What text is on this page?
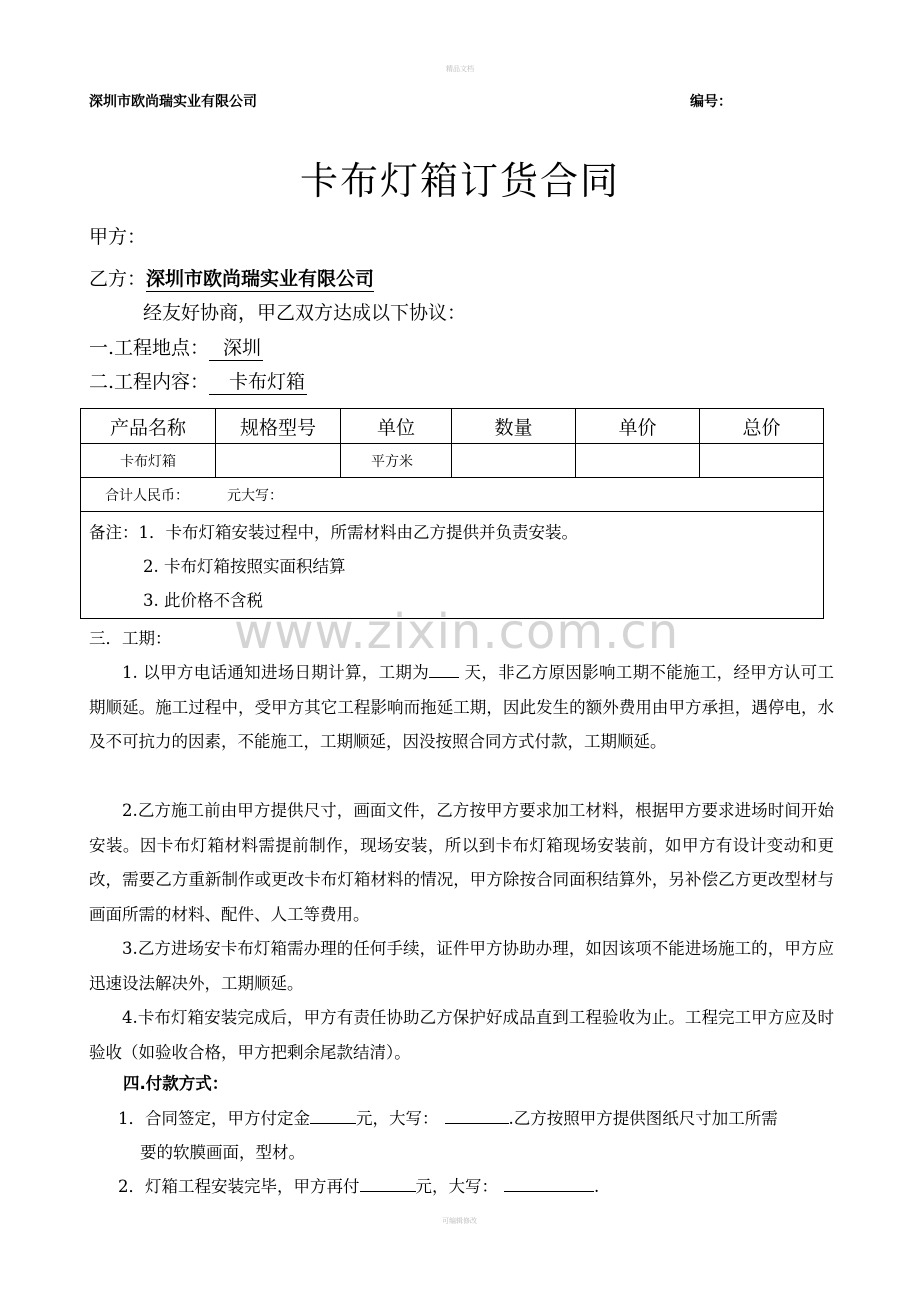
精品文档
深圳市欧尚瑞实业有限公司	编号：
卡布灯箱订货合同
甲方：
乙方：深圳市欧尚瑞实业有限公司
经友好协商，甲乙双方达成以下协议：
一.工程地点： 深圳
二.工程内容： 卡布灯箱
产品名称	规格型号	单位	数量	单价	总价
卡布灯箱		平方米			
合计人民币： 元大写：					

备注：1．卡布灯箱安装过程中，所需材料由乙方提供并负责安装。
2. 卡布灯箱按照实面积结算
3. 此价格不含税					
www.zixin.com.cn
三．工期：
1. 以甲方电话通知进场日期计算，工期为 天，非乙方原因影响工期不能施工，经甲方认可工期顺延。施工过程中，受甲方其它工程影响而拖延工期，因此发生的额外费用由甲方承担，遇停电，水及不可抗力的因素，不能施工，工期顺延，因没按照合同方式付款，工期顺延。
2.乙方施工前由甲方提供尺寸，画面文件，乙方按甲方要求加工材料，根据甲方要求进场时间开始安装。因卡布灯箱材料需提前制作，现场安装，所以到卡布灯箱现场安装前，如甲方有设计变动和更改，需要乙方重新制作或更改卡布灯箱材料的情况，甲方除按合同面积结算外，另补偿乙方更改型材与画面所需的材料、配件、人工等费用。
3.乙方进场安卡布灯箱需办理的任何手续，证件甲方协助办理，如因该项不能进场施工的，甲方应迅速设法解决外，工期顺延。
4.卡布灯箱安装完成后，甲方有责任协助乙方保护好成品直到工程验收为止。工程完工甲方应及时验收（如验收合格，甲方把剩余尾款结清）。
四.付款方式：
1．合同签定，甲方付定金	元，大写：	.乙方按照甲方提供图纸尺寸加工所需
要的软膜画面，型材。
2．灯箱工程安装完毕，甲方再付	元，大写：	.
可编辑修改
